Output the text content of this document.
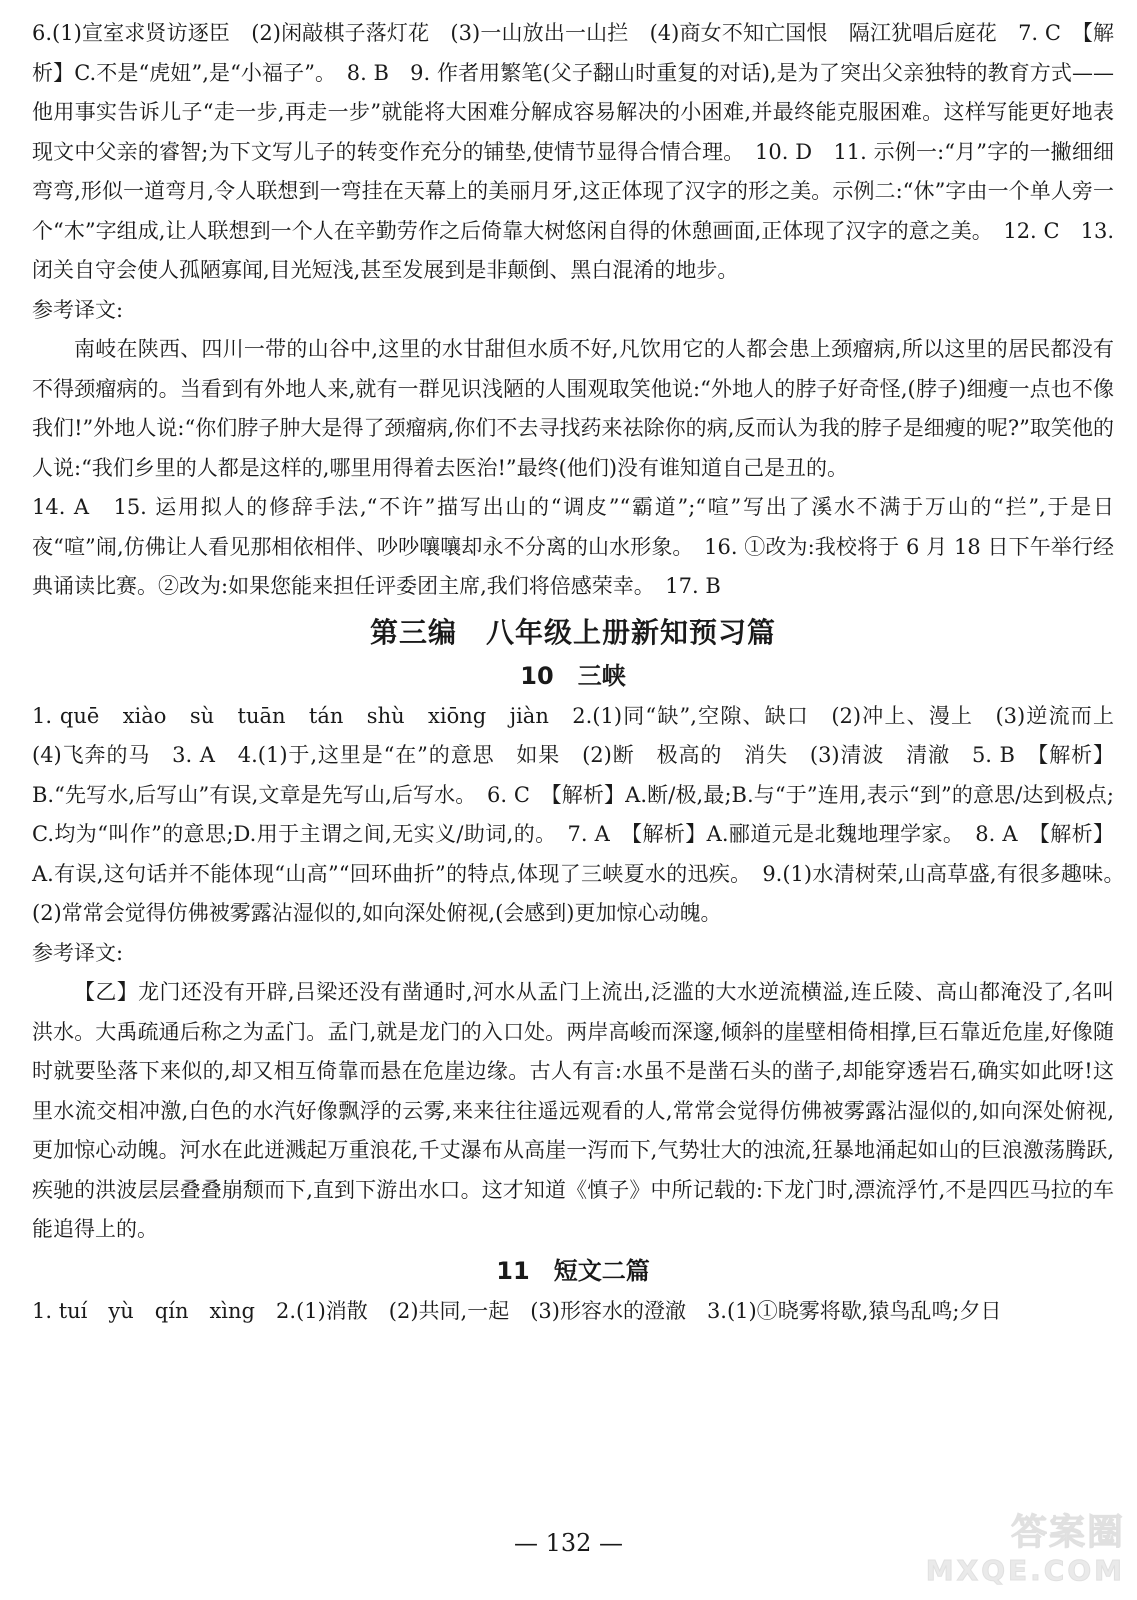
6.(1)宣室求贤访逐臣　(2)闲敲棋子落灯花　(3)一山放出一山拦　(4)商女不知亡国恨　隔江犹唱后庭花　7. C　【解析】C.不是“虎妞”,是“小福子”。　8. B　9. 作者用繁笔(父子翻山时重复的对话),是为了突出父亲独特的教育方式——他用事实告诉儿子“走一步,再走一步”就能将大困难分解成容易解决的小困难,并最终能克服困难。这样写能更好地表现文中父亲的睿智;为下文写儿子的转变作充分的铺垫,使情节显得合情合理。　10. D　11. 示例一:“月”字的一撇细细弯弯,形似一道弯月,令人联想到一弯挂在天幕上的美丽月牙,这正体现了汉字的形之美。示例二:“休”字由一个单人旁一个“木”字组成,让人联想到一个人在辛勤劳作之后倚靠大树悠闲自得的休憩画面,正体现了汉字的意之美。　12. C　13. 闭关自守会使人孤陋寡闻,目光短浅,甚至发展到是非颠倒、黑白混淆的地步。

参考译文:

南岐在陕西、四川一带的山谷中,这里的水甘甜但水质不好,凡饮用它的人都会患上颈瘤病,所以这里的居民都没有不得颈瘤病的。当看到有外地人来,就有一群见识浅陋的人围观取笑他说:“外地人的脖子好奇怪,(脖子)细瘦一点也不像我们!”外地人说:“你们脖子肿大是得了颈瘤病,你们不去寻找药来祛除你的病,反而认为我的脖子是细瘦的呢?”取笑他的人说:“我们乡里的人都是这样的,哪里用得着去医治!”最终(他们)没有谁知道自己是丑的。

14. A　15. 运用拟人的修辞手法,“不许”描写出山的“调皮”“霸道”;“喧”写出了溪水不满于万山的“拦”,于是日夜“喧”闹,仿佛让人看见那相依相伴、吵吵嚷嚷却永不分离的山水形象。　16. ①改为:我校将于 6 月 18 日下午举行经典诵读比赛。②改为:如果您能来担任评委团主席,我们将倍感荣幸。　17. B

第三编　八年级上册新知预习篇
10　三峡

1. quē　xiào　sù　tuān　tán　shù　xiōng　jiàn　2.(1)同“缺”,空隙、缺口　(2)冲上、漫上　(3)逆流而上　(4)飞奔的马　3. A　4.(1)于,这里是“在”的意思　如果　(2)断　极高的　消失　(3)清波　清澈　5. B　【解析】B.“先写水,后写山”有误,文章是先写山,后写水。　6. C　【解析】A.断/极,最;B.与“于”连用,表示“到”的意思/达到极点;C.均为“叫作”的意思;D.用于主谓之间,无实义/助词,的。　7. A　【解析】A.郦道元是北魏地理学家。　8. A　【解析】A.有误,这句话并不能体现“山高”“回环曲折”的特点,体现了三峡夏水的迅疾。　9.(1)水清树荣,山高草盛,有很多趣味。　(2)常常会觉得仿佛被雾露沾湿似的,如向深处俯视,(会感到)更加惊心动魄。

参考译文:

【乙】龙门还没有开辟,吕梁还没有凿通时,河水从孟门上流出,泛滥的大水逆流横溢,连丘陵、高山都淹没了,名叫洪水。大禹疏通后称之为孟门。孟门,就是龙门的入口处。两岸高峻而深邃,倾斜的崖壁相倚相撑,巨石靠近危崖,好像随时就要坠落下来似的,却又相互倚靠而悬在危崖边缘。古人有言:水虽不是凿石头的凿子,却能穿透岩石,确实如此呀!这里水流交相冲激,白色的水汽好像飘浮的云雾,来来往往遥远观看的人,常常会觉得仿佛被雾露沾湿似的,如向深处俯视,更加惊心动魄。河水在此迸溅起万重浪花,千丈瀑布从高崖一泻而下,气势壮大的浊流,狂暴地涌起如山的巨浪激荡腾跃,疾驰的洪波层层叠叠崩颓而下,直到下游出水口。这才知道《慎子》中所记载的:下龙门时,漂流浮竹,不是四匹马拉的车能追得上的。

11　短文二篇

1. tuí　yù　qín　xìng　2.(1)消散　(2)共同,一起　(3)形容水的澄澈　3.(1)①晓雾将歇,猿鸟乱鸣;夕日

— 132 —	答案圈
MXQE.COM
